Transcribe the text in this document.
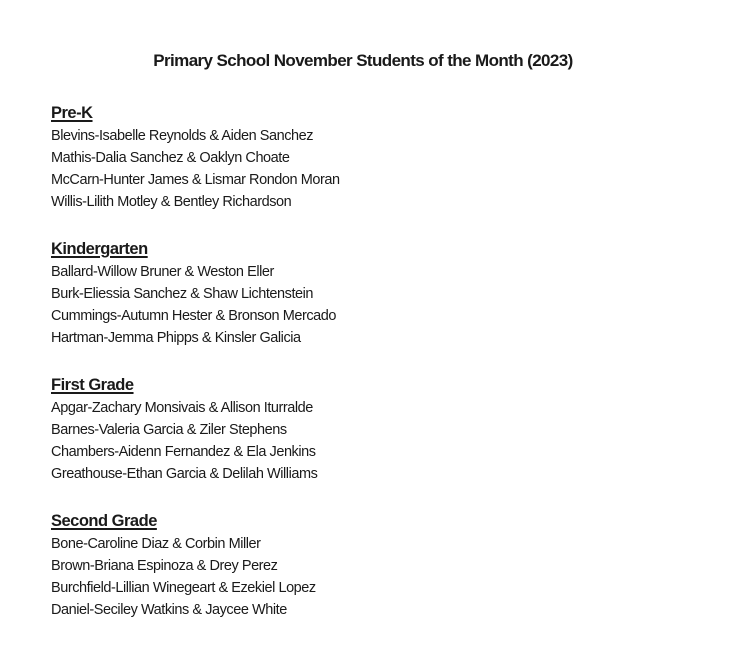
Primary School November Students of the Month (2023)
Pre-K
Blevins-Isabelle Reynolds & Aiden Sanchez
Mathis-Dalia Sanchez & Oaklyn Choate
McCarn-Hunter James & Lismar Rondon Moran
Willis-Lilith Motley & Bentley Richardson
Kindergarten
Ballard-Willow Bruner & Weston Eller
Burk-Eliessia Sanchez & Shaw Lichtenstein
Cummings-Autumn Hester & Bronson Mercado
Hartman-Jemma Phipps & Kinsler Galicia
First Grade
Apgar-Zachary Monsivais & Allison Iturralde
Barnes-Valeria Garcia & Ziler Stephens
Chambers-Aidenn Fernandez & Ela Jenkins
Greathouse-Ethan Garcia & Delilah Williams
Second Grade
Bone-Caroline Diaz & Corbin Miller
Brown-Briana Espinoza & Drey Perez
Burchfield-Lillian Winegeart & Ezekiel Lopez
Daniel-Seciley Watkins & Jaycee White
